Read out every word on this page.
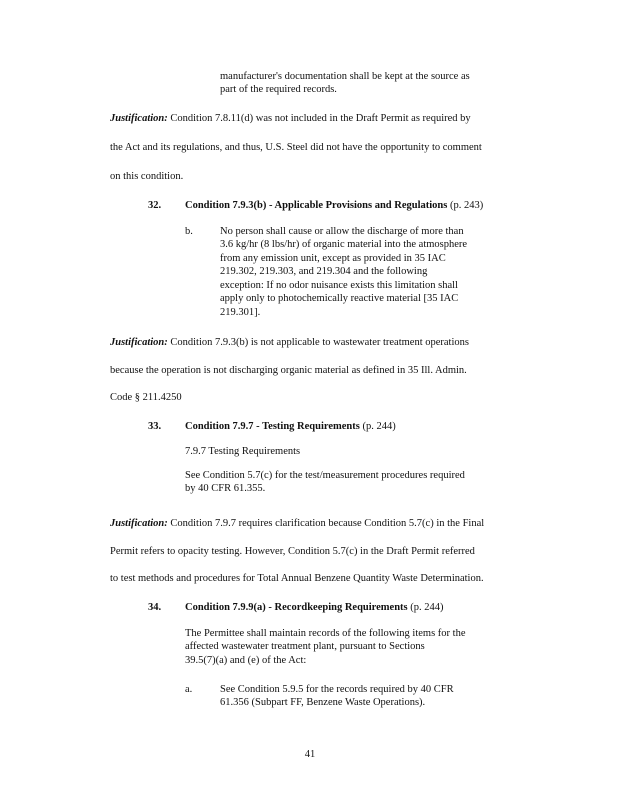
manufacturer's documentation shall be kept at the source as
part of the required records.
Justification: Condition 7.8.11(d) was not included in the Draft Permit as required by
the Act and its regulations, and thus, U.S. Steel did not have the opportunity to comment
on this condition.
32. Condition 7.9.3(b) - Applicable Provisions and Regulations (p. 243)
b.	No person shall cause or allow the discharge of more than
3.6 kg/hr (8 lbs/hr) of organic material into the atmosphere
from any emission unit, except as provided in 35 IAC
219.302, 219.303, and 219.304 and the following
exception: If no odor nuisance exists this limitation shall
apply only to photochemically reactive material [35 IAC
219.301].
Justification: Condition 7.9.3(b) is not applicable to wastewater treatment operations
because the operation is not discharging organic material as defined in 35 Ill. Admin.
Code § 211.4250
33. Condition 7.9.7 - Testing Requirements (p. 244)
7.9.7 Testing Requirements
See Condition 5.7(c) for the test/measurement procedures required
by 40 CFR 61.355.
Justification: Condition 7.9.7 requires clarification because Condition 5.7(c) in the Final
Permit refers to opacity testing. However, Condition 5.7(c) in the Draft Permit referred
to test methods and procedures for Total Annual Benzene Quantity Waste Determination.
34. Condition 7.9.9(a) - Recordkeeping Requirements (p. 244)
The Permittee shall maintain records of the following items for the
affected wastewater treatment plant, pursuant to Sections
39.5(7)(a) and (e) of the Act:
a.	See Condition 5.9.5 for the records required by 40 CFR
61.356 (Subpart FF, Benzene Waste Operations).
41
